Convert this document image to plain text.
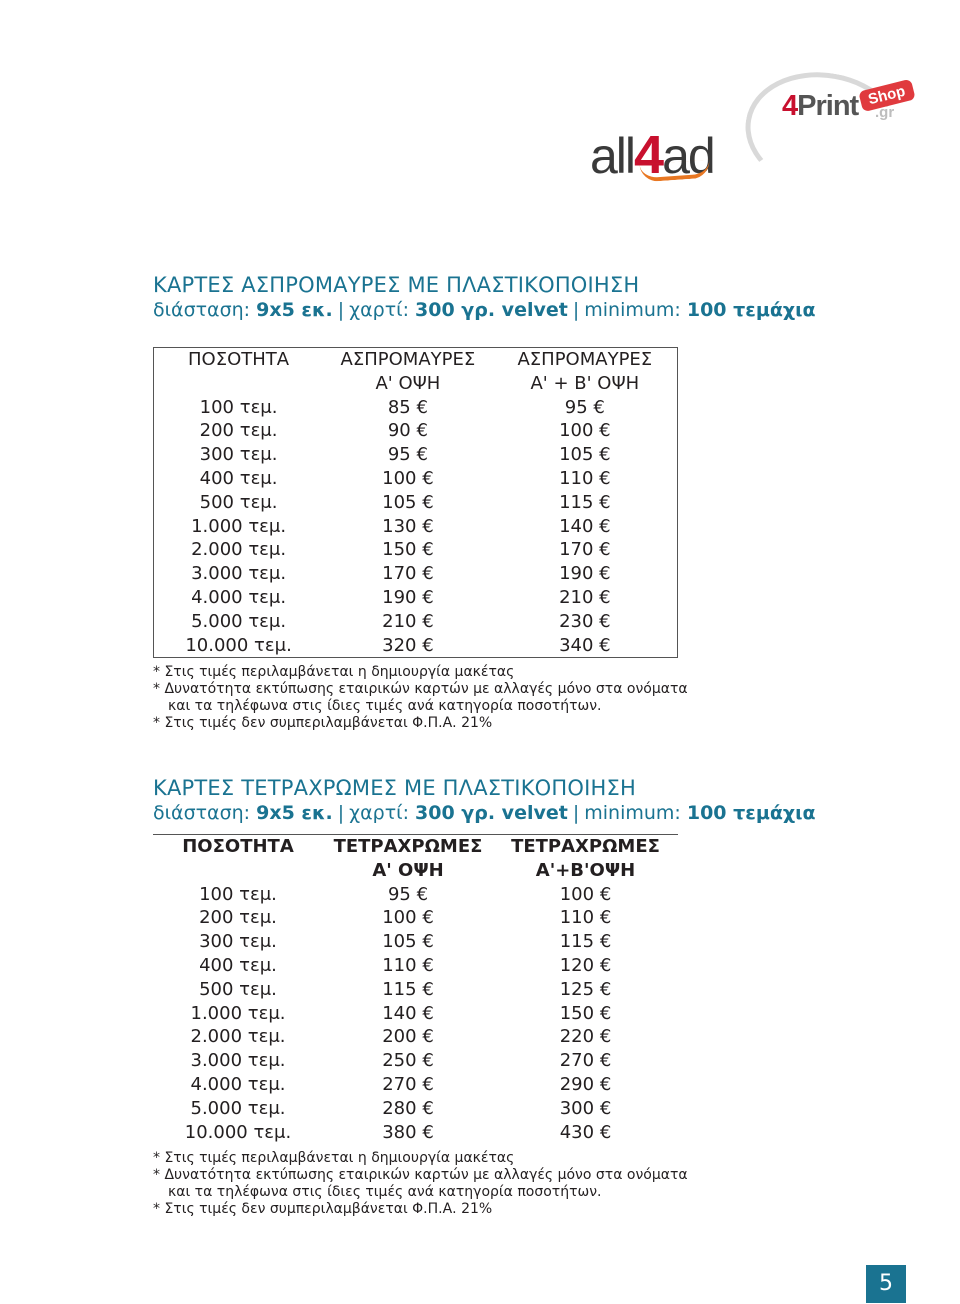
4Print Shop
.gr
all4ad
ΚΑΡΤΕΣ ΑΣΠΡΟΜΑΥΡΕΣ ΜΕ ΠΛΑΣΤΙΚΟΠΟΙΗΣΗ
διάσταση: 9x5 εκ. | χαρτί: 300 γρ. velvet | minimum: 100 τεμάχια
ΠΟΣΟΤΗΤΑ	ΑΣΠΡΟΜΑΥΡΕΣ	ΑΣΠΡΟΜΑΥΡΕΣ
	Α' ΟΨΗ	Α' + Β' ΟΨΗ
100 τεμ.	85 €	95 €
200 τεμ.	90 €	100 €
300 τεμ.	95 €	105 €
400 τεμ.	100 €	110 €
500 τεμ.	105 €	115 €
1.000 τεμ.	130 €	140 €
2.000 τεμ.	150 €	170 €
3.000 τεμ.	170 €	190 €
4.000 τεμ.	190 €	210 €
5.000 τεμ.	210 €	230 €
10.000 τεμ.	320 €	340 €
* Στις τιμές περιλαμβάνεται η δημιουργία μακέτας
* Δυνατότητα εκτύπωσης εταιρικών καρτών με αλλαγές μόνο στα ονόματα
και τα τηλέφωνα στις ίδιες τιμές ανά κατηγορία ποσοτήτων.
* Στις τιμές δεν συμπεριλαμβάνεται Φ.Π.Α. 21%
ΚΑΡΤΕΣ ΤΕΤΡΑΧΡΩΜΕΣ ΜΕ ΠΛΑΣΤΙΚΟΠΟΙΗΣΗ
διάσταση: 9x5 εκ. | χαρτί: 300 γρ. velvet | minimum: 100 τεμάχια
ΠΟΣΟΤΗΤΑ	ΤΕΤΡΑΧΡΩΜΕΣ	ΤΕΤΡΑΧΡΩΜΕΣ
	Α' ΟΨΗ	Α'+Β'ΟΨΗ
100 τεμ.	95 €	100 €
200 τεμ.	100 €	110 €
300 τεμ.	105 €	115 €
400 τεμ.	110 €	120 €
500 τεμ.	115 €	125 €
1.000 τεμ.	140 €	150 €
2.000 τεμ.	200 €	220 €
3.000 τεμ.	250 €	270 €
4.000 τεμ.	270 €	290 €
5.000 τεμ.	280 €	300 €
10.000 τεμ.	380 €	430 €
* Στις τιμές περιλαμβάνεται η δημιουργία μακέτας
* Δυνατότητα εκτύπωσης εταιρικών καρτών με αλλαγές μόνο στα ονόματα
και τα τηλέφωνα στις ίδιες τιμές ανά κατηγορία ποσοτήτων.
* Στις τιμές δεν συμπεριλαμβάνεται Φ.Π.Α. 21%
5
